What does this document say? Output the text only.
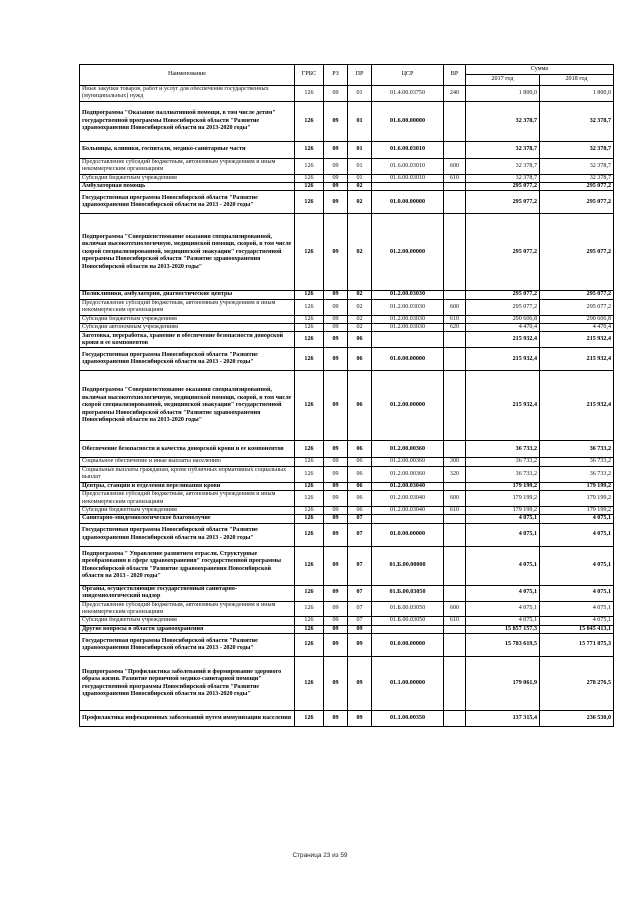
Наименование	ГРБС	РЗ	ПР	ЦСР	ВР	Сумма	
						2017 год	2018 год
Иные закупки товаров, работ и услуг для обеспечения государственных (муниципальных) нужд	126	09	01	01.4.00.03750	240	1 800,0	1 800,0
Подпрограмма "Оказание паллиативной помощи, в том числе детям" государственной программы Новосибирской области "Развитие здравоохранения Новосибирской области на 2013-2020 годы"	126	09	01	01.6.00.00000		32 378,7	32 378,7
Больницы, клиники, госпитали, медико-санитарные части	126	09	01	01.6.00.03010		32 378,7	32 378,7
Предоставление субсидий бюджетным, автономным учреждениям и иным некоммерческим организациям	126	09	01	01.6.00.03010	600	32 378,7	32 378,7
Субсидии бюджетным учреждениям	126	09	01	01.6.00.03010	610	32 378,7	32 378,7
Амбулаторная помощь	126	09	02			295 077,2	295 077,2
Государственная программа Новосибирской области "Развитие здравоохранения Новосибирской области на 2013 - 2020 годы"	126	09	02	01.0.00.00000		295 077,2	295 077,2
Подпрограмма "Совершенствование оказания специализированной, включая высокотехнологичную, медицинской помощи, скорой, в том числе скорой специализированной, медицинской эвакуации" государственной программы Новосибирской области "Развитие здравоохранения Новосибирской области на 2013-2020 годы"	126	09	02	01.2.00.00000		295 077,2	295 077,2
Поликлиники, амбулатории, диагностические центры	126	09	02	01.2.00.03030		295 077,2	295 077,2
Предоставление субсидий бюджетным, автономным учреждениям и иным некоммерческим организациям	126	09	02	01.2.00.03030	600	295 077,2	295 077,2
Субсидии бюджетным учреждениям	126	09	02	01.2.00.03030	610	290 606,8	290 606,8
Субсидии автономным учреждениям	126	09	02	01.2.00.03030	620	4 470,4	4 470,4
Заготовка, переработка, хранение и обеспечение безопасности донорской крови и ее компонентов	126	09	06			215 932,4	215 932,4
Государственная программа Новосибирской области "Развитие здравоохранения Новосибирской области на 2013 - 2020 годы"	126	09	06	01.0.00.00000		215 932,4	215 932,4
Подпрограмма "Совершенствование оказания специализированной, включая высокотехнологичную, медицинской помощи, скорой, в том числе скорой специализированной, медицинской эвакуации" государственной программы Новосибирской области "Развитие здравоохранения Новосибирской области на 2013-2020 годы"	126	09	06	01.2.00.00000		215 932,4	215 932,4
Обеспечение безопасности и качества донорской крови и ее компонентов	126	09	06	01.2.00.00360		36 733,2	36 733,2
Социальное обеспечение и иные выплаты населению	126	09	06	01.2.00.00360	300	36 733,2	36 733,2
Социальные выплаты гражданам, кроме публичных нормативных социальных выплат	126	09	06	01.2.00.00360	320	36 733,2	36 733,2
Центры, станции и отделения переливания крови	126	09	06	01.2.00.03040		179 199,2	179 199,2
Предоставление субсидий бюджетным, автономным учреждениям и иным некоммерческим организациям	126	09	06	01.2.00.03040	600	179 199,2	179 199,2
Субсидии бюджетным учреждениям	126	09	06	01.2.00.03040	610	179 199,2	179 199,2
Санитарно-эпидемиологическое благополучие	126	09	07			4 075,1	4 075,1
Государственная программа Новосибирской области "Развитие здравоохранения Новосибирской области на 2013 - 2020 годы"	126	09	07	01.0.00.00000		4 075,1	4 075,1
Подпрограмма " Управление развитием отрасли. Структурные преобразования в сфере здравоохранения" государственной программы Новосибирской области "Развитие здравоохранения Новосибирской области на 2013 - 2020 годы"	126	09	07	01.Б.00.00000		4 075,1	4 075,1
Органы, осуществляющие государственный санитарно-эпидемиологический надзор	126	09	07	01.Б.00.03050		4 075,1	4 075,1
Предоставление субсидий бюджетным, автономным учреждениям и иным некоммерческим организациям	126	09	07	01.Б.00.03050	600	4 075,1	4 075,1
Субсидии бюджетным учреждениям	126	09	07	01.Б.00.03050	610	4 075,1	4 075,1
Другие вопросы в области здравоохранения	126	09	09			15 857 157,3	15 845 413,1
Государственная программа Новосибирской области "Развитие здравоохранения Новосибирской области на 2013 - 2020 годы"	126	09	09	01.0.00.00000		15 783 619,5	15 771 875,3
Подпрограмма "Профилактика заболеваний и формирование здорового образа жизни. Развитие первичной медико-санитарной помощи" государственной программы Новосибирской области "Развитие здравоохранения Новосибирской области на 2013-2020 годы"	126	09	09	01.1.00.00000		179 061,9	278 276,5
Профилактика инфекционных заболеваний путем иммунизации населения	126	09	09	01.1.00.00350		137 315,4	236 530,0
Страница 23 из 59
